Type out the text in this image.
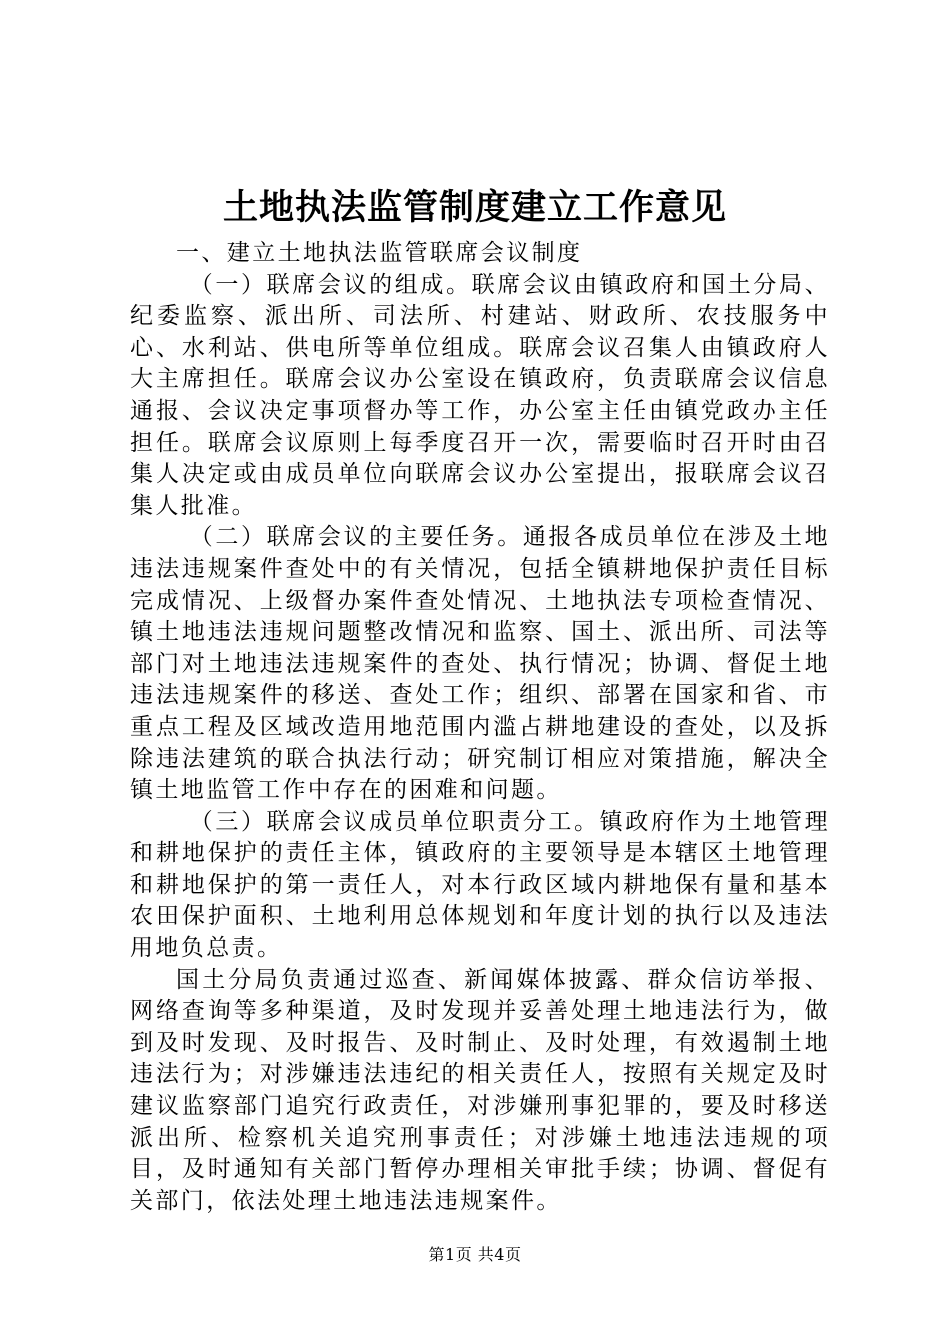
土地执法监管制度建立工作意见

一、建立土地执法监管联席会议制度

（一）联席会议的组成。联席会议由镇政府和国土分局、纪委监察、派出所、司法所、村建站、财政所、农技服务中心、水利站、供电所等单位组成。联席会议召集人由镇政府人大主席担任。联席会议办公室设在镇政府，负责联席会议信息通报、会议决定事项督办等工作，办公室主任由镇党政办主任担任。联席会议原则上每季度召开一次，需要临时召开时由召集人决定或由成员单位向联席会议办公室提出，报联席会议召集人批准。

（二）联席会议的主要任务。通报各成员单位在涉及土地违法违规案件查处中的有关情况，包括全镇耕地保护责任目标完成情况、上级督办案件查处情况、土地执法专项检查情况、镇土地违法违规问题整改情况和监察、国土、派出所、司法等部门对土地违法违规案件的查处、执行情况；协调、督促土地违法违规案件的移送、查处工作；组织、部署在国家和省、市重点工程及区域改造用地范围内滥占耕地建设的查处，以及拆除违法建筑的联合执法行动；研究制订相应对策措施，解决全镇土地监管工作中存在的困难和问题。

（三）联席会议成员单位职责分工。镇政府作为土地管理和耕地保护的责任主体，镇政府的主要领导是本辖区土地管理和耕地保护的第一责任人，对本行政区域内耕地保有量和基本农田保护面积、土地利用总体规划和年度计划的执行以及违法用地负总责。

国土分局负责通过巡查、新闻媒体披露、群众信访举报、网络查询等多种渠道，及时发现并妥善处理土地违法行为，做到及时发现、及时报告、及时制止、及时处理，有效遏制土地违法行为；对涉嫌违法违纪的相关责任人，按照有关规定及时建议监察部门追究行政责任，对涉嫌刑事犯罪的，要及时移送派出所、检察机关追究刑事责任；对涉嫌土地违法违规的项目，及时通知有关部门暂停办理相关审批手续；协调、督促有关部门，依法处理土地违法违规案件。

第1页 共4页
